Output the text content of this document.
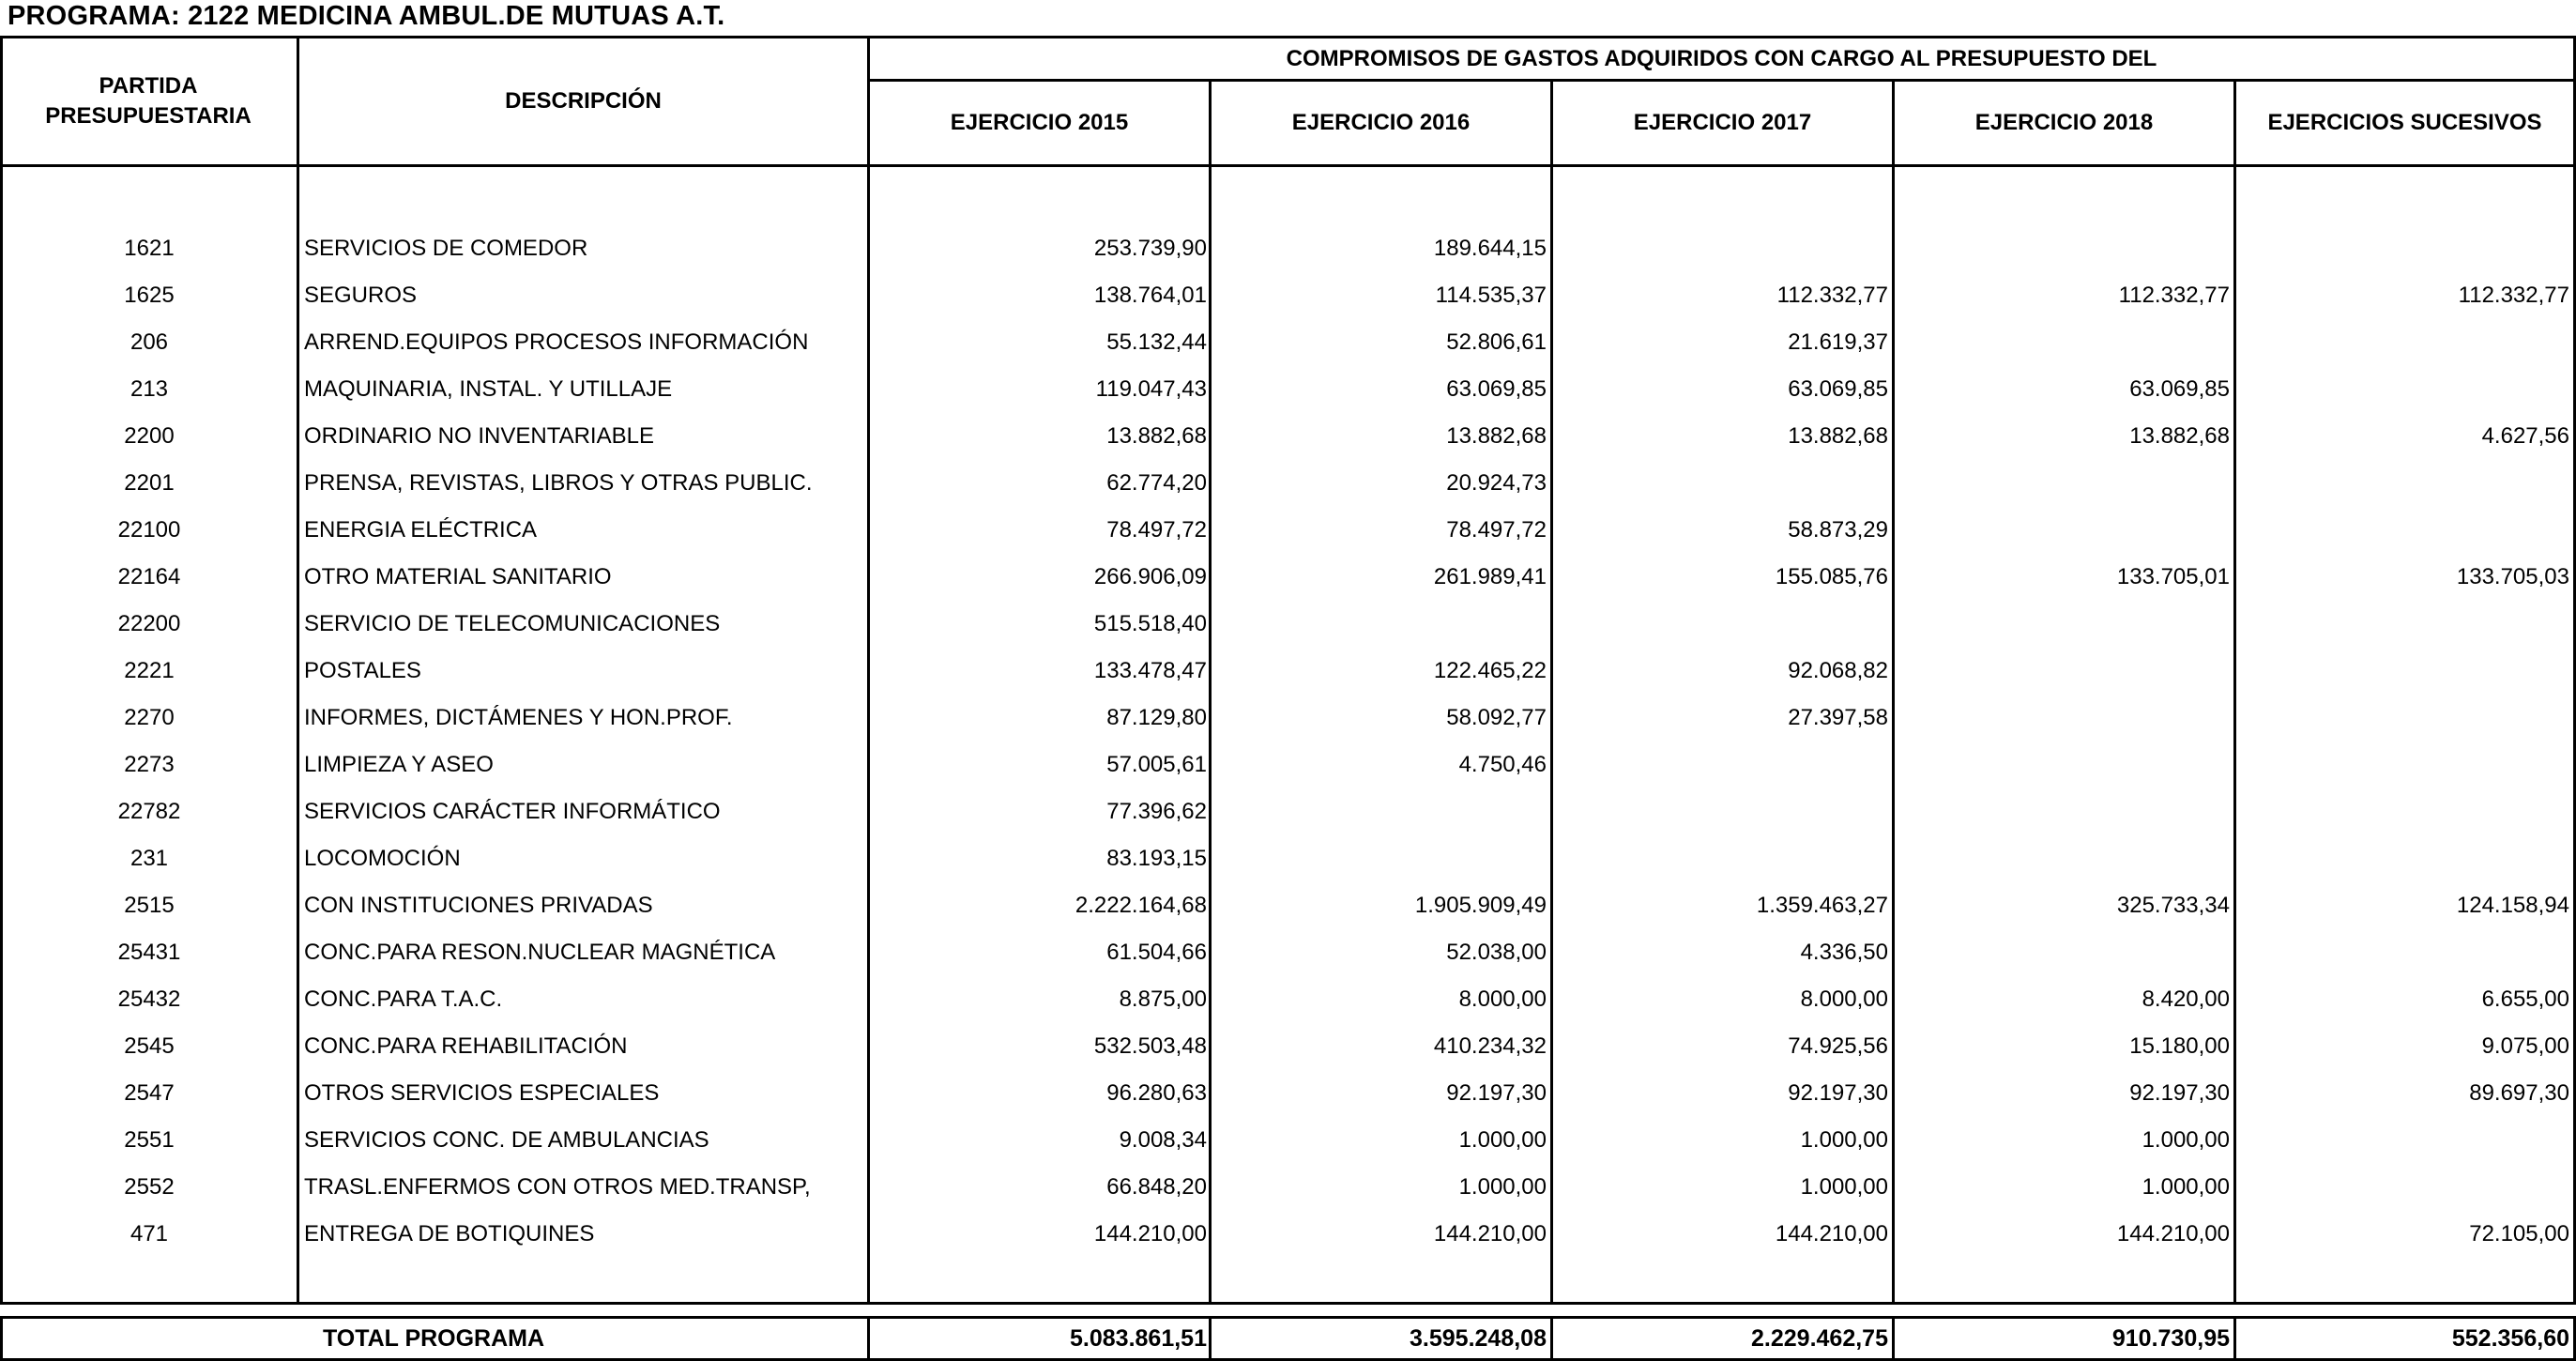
PROGRAMA: 2122 MEDICINA AMBUL.DE MUTUAS A.T.
PARTIDA
PRESUPUESTARIA
DESCRIPCIÓN
COMPROMISOS DE GASTOS ADQUIRIDOS CON CARGO AL PRESUPUESTO DEL
EJERCICIO 2015	EJERCICIO 2016	EJERCICIO 2017	EJERCICIO 2018	EJERCICIOS SUCESIVOS
1621	SERVICIOS DE COMEDOR	253.739,90	189.644,15
1625	SEGUROS	138.764,01	114.535,37	112.332,77	112.332,77	112.332,77
206	ARREND.EQUIPOS PROCESOS INFORMACIÓN	55.132,44	52.806,61	21.619,37
213	MAQUINARIA, INSTAL. Y UTILLAJE	119.047,43	63.069,85	63.069,85	63.069,85
2200	ORDINARIO NO INVENTARIABLE	13.882,68	13.882,68	13.882,68	13.882,68	4.627,56
2201	PRENSA, REVISTAS, LIBROS Y OTRAS PUBLIC.	62.774,20	20.924,73
22100	ENERGIA ELÉCTRICA	78.497,72	78.497,72	58.873,29
22164	OTRO MATERIAL SANITARIO	266.906,09	261.989,41	155.085,76	133.705,01	133.705,03
22200	SERVICIO DE TELECOMUNICACIONES	515.518,40
2221	POSTALES	133.478,47	122.465,22	92.068,82
2270	INFORMES, DICTÁMENES Y HON.PROF.	87.129,80	58.092,77	27.397,58
2273	LIMPIEZA Y ASEO	57.005,61	4.750,46
22782	SERVICIOS CARÁCTER INFORMÁTICO	77.396,62
231	LOCOMOCIÓN	83.193,15
2515	CON INSTITUCIONES PRIVADAS	2.222.164,68	1.905.909,49	1.359.463,27	325.733,34	124.158,94
25431	CONC.PARA RESON.NUCLEAR MAGNÉTICA	61.504,66	52.038,00	4.336,50
25432	CONC.PARA T.A.C.	8.875,00	8.000,00	8.000,00	8.420,00	6.655,00
2545	CONC.PARA REHABILITACIÓN	532.503,48	410.234,32	74.925,56	15.180,00	9.075,00
2547	OTROS SERVICIOS ESPECIALES	96.280,63	92.197,30	92.197,30	92.197,30	89.697,30
2551	SERVICIOS CONC. DE AMBULANCIAS	9.008,34	1.000,00	1.000,00	1.000,00
2552	TRASL.ENFERMOS CON OTROS MED.TRANSP,	66.848,20	1.000,00	1.000,00	1.000,00
471	ENTREGA DE BOTIQUINES	144.210,00	144.210,00	144.210,00	144.210,00	72.105,00
TOTAL PROGRAMA	5.083.861,51	3.595.248,08	2.229.462,75	910.730,95	552.356,60
